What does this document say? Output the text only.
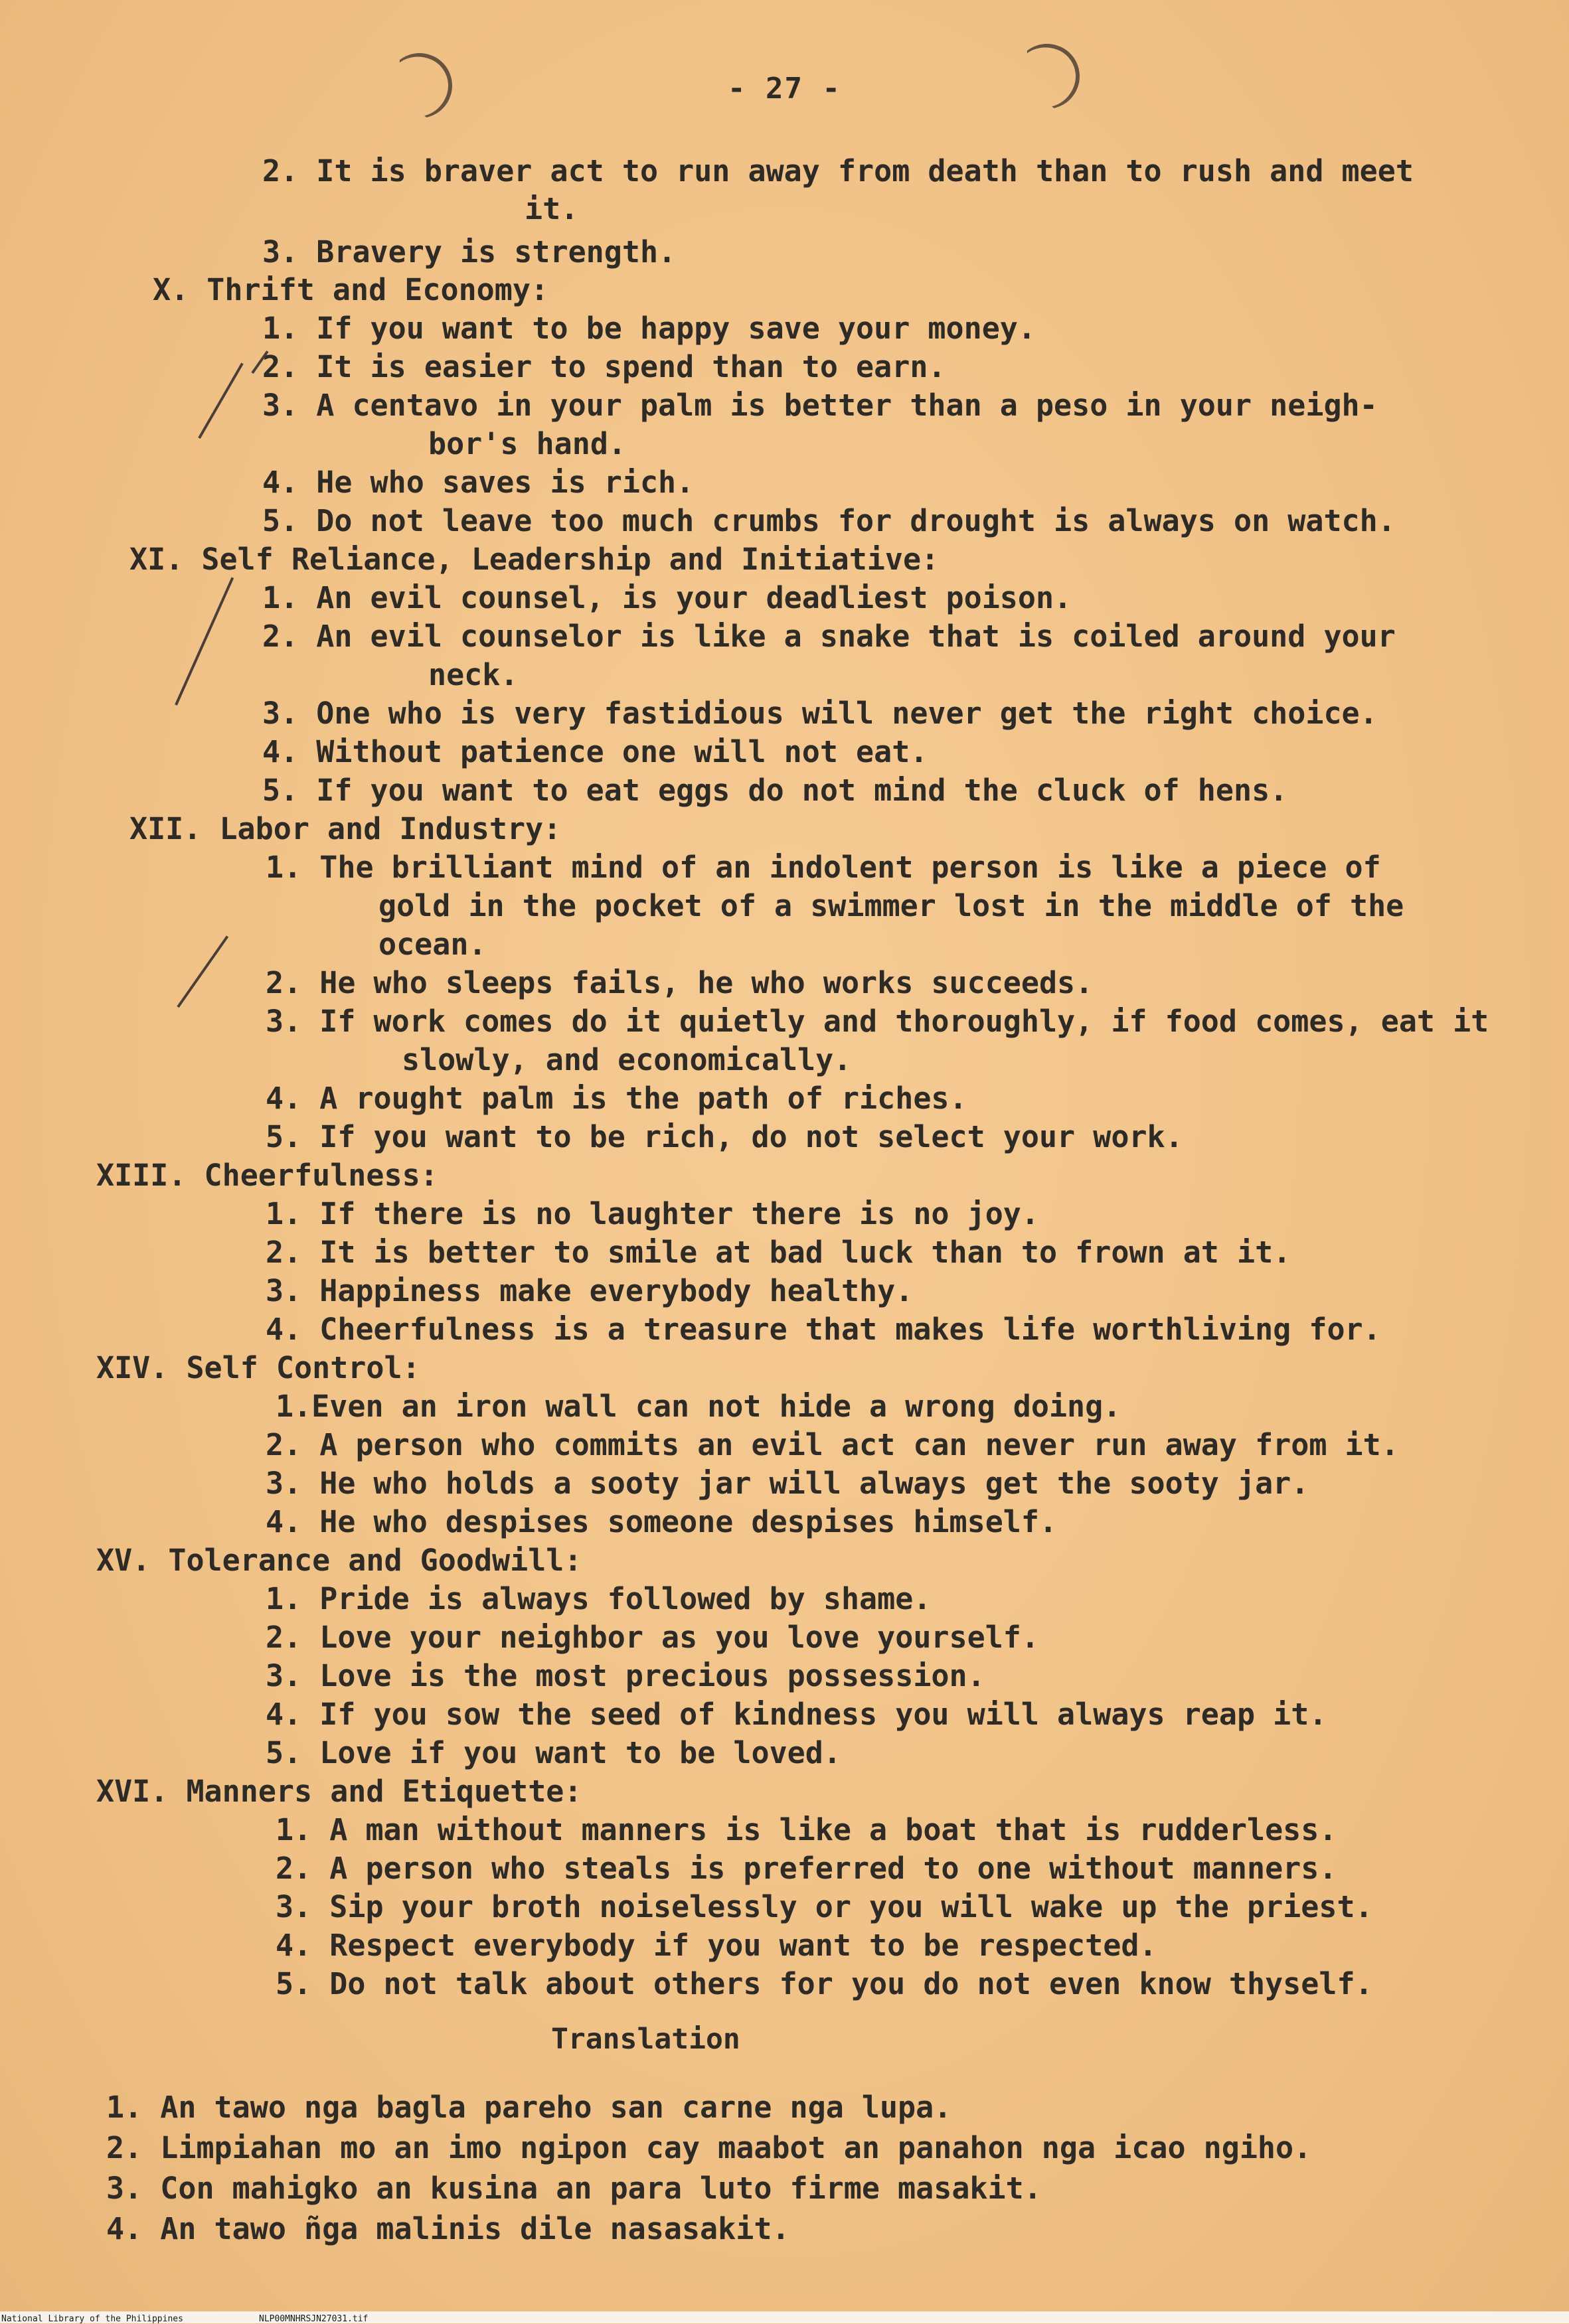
- 27 -
2. It is braver act to run away from death than to rush and meet
it.
3. Bravery is strength.
X. Thrift and Economy:
1. If you want to be happy save your money.
2. It is easier to spend than to earn.
3. A centavo in your palm is better than a peso in your neigh-
bor's hand.
4. He who saves is rich.
5. Do not leave too much crumbs for drought is always on watch.
XI. Self Reliance, Leadership and Initiative:
1. An evil counsel, is your deadliest poison.
2. An evil counselor is like a snake that is coiled around your
neck.
3. One who is very fastidious will never get the right choice.
4. Without patience one will not eat.
5. If you want to eat eggs do not mind the cluck of hens.
XII. Labor and Industry:
1. The brilliant mind of an indolent person is like a piece of
gold in the pocket of a swimmer lost in the middle of the
ocean.
2. He who sleeps fails, he who works succeeds.
3. If work comes do it quietly and thoroughly, if food comes, eat it
slowly, and economically.
4. A rought palm is the path of riches.
5. If you want to be rich, do not select your work.
XIII. Cheerfulness:
1. If there is no laughter there is no joy.
2. It is better to smile at bad luck than to frown at it.
3. Happiness make everybody healthy.
4. Cheerfulness is a treasure that makes life worthliving for.
XIV. Self Control:
1.Even an iron wall can not hide a wrong doing.
2. A person who commits an evil act can never run away from it.
3. He who holds a sooty jar will always get the sooty jar.
4. He who despises someone despises himself.
XV. Tolerance and Goodwill:
1. Pride is always followed by shame.
2. Love your neighbor as you love yourself.
3. Love is the most precious possession.
4. If you sow the seed of kindness you will always reap it.
5. Love if you want to be loved.
XVI. Manners and Etiquette:
1. A man without manners is like a boat that is rudderless.
2. A person who steals is preferred to one without manners.
3. Sip your broth noiselessly or you will wake up the priest.
4. Respect everybody if you want to be respected.
5. Do not talk about others for you do not even know thyself.
Translation
1. An tawo nga bagla pareho san carne nga lupa.
2. Limpiahan mo an imo ngipon cay maabot an panahon nga icao ngiho.
3. Con mahigko an kusina an para luto firme masakit.
4. An tawo ñga malinis dile nasasakit.
National Library of the Philippines	NLP00MNHRSJN27031.tif
